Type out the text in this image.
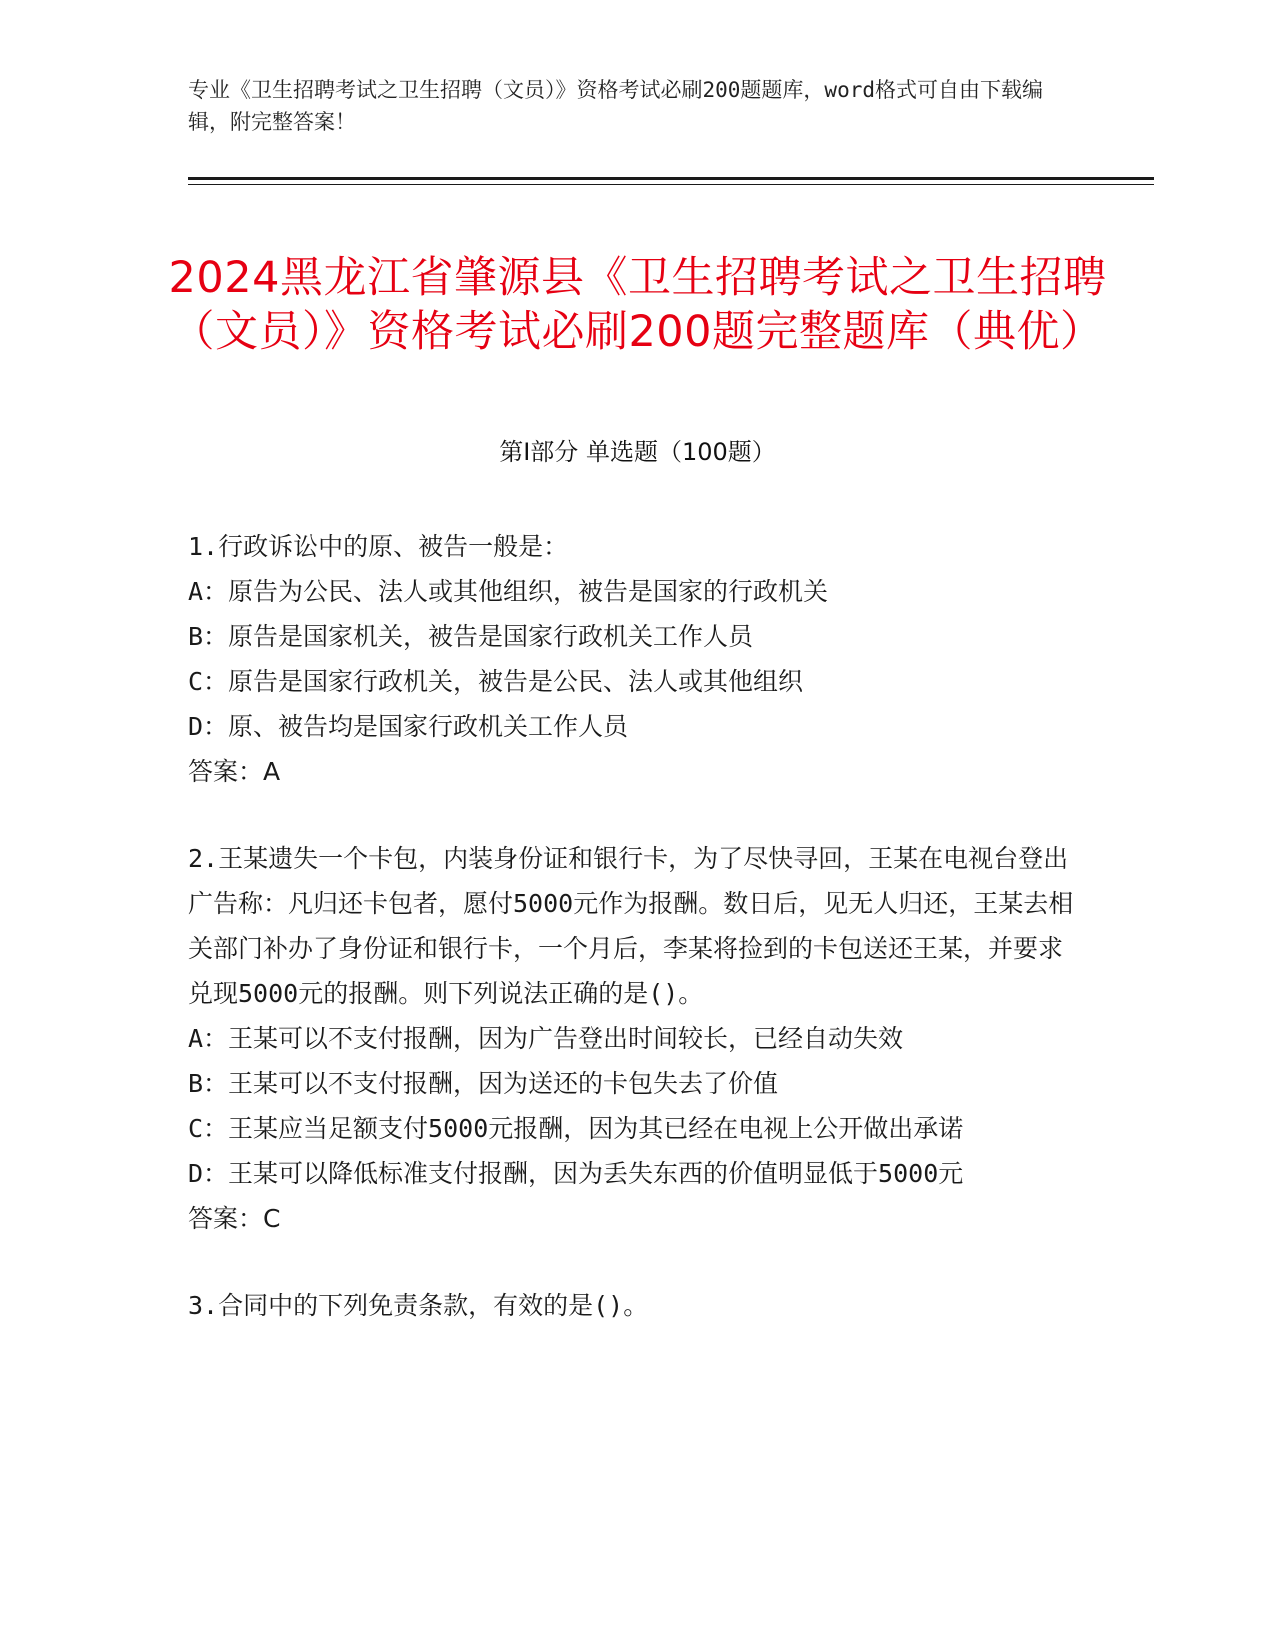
专业《卫生招聘考试之卫生招聘（文员）》资格考试必刷200题题库，word格式可自由下载编辑，附完整答案！
2024黑龙江省肇源县《卫生招聘考试之卫生招聘（文员）》资格考试必刷200题完整题库（典优）
第I部分 单选题（100题）
1.行政诉讼中的原、被告一般是：
A：原告为公民、法人或其他组织，被告是国家的行政机关
B：原告是国家机关，被告是国家行政机关工作人员
C：原告是国家行政机关，被告是公民、法人或其他组织
D：原、被告均是国家行政机关工作人员
答案：A
2.王某遗失一个卡包，内装身份证和银行卡，为了尽快寻回，王某在电视台登出广告称：凡归还卡包者，愿付5000元作为报酬。数日后，见无人归还，王某去相关部门补办了身份证和银行卡，一个月后，李某将捡到的卡包送还王某，并要求兑现5000元的报酬。则下列说法正确的是()。
A：王某可以不支付报酬，因为广告登出时间较长，已经自动失效
B：王某可以不支付报酬，因为送还的卡包失去了价值
C：王某应当足额支付5000元报酬，因为其已经在电视上公开做出承诺
D：王某可以降低标准支付报酬，因为丢失东西的价值明显低于5000元
答案：C
3.合同中的下列免责条款，有效的是()。
